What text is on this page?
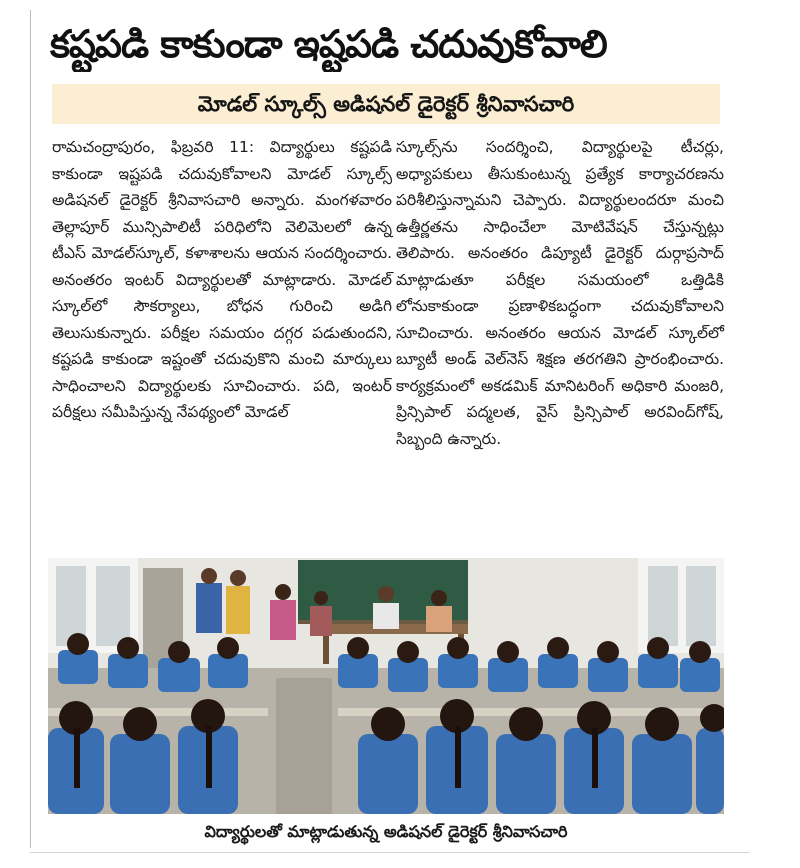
కష్టపడి కాకుండా ఇష్టపడి చదువుకోవాలి
మోడల్ స్కూల్స్ అడిషనల్ డైరెక్టర్ శ్రీనివాసచారి

రామచంద్రాపురం, ఫిబ్రవరి 11: విద్యార్థులు కష్టపడి కాకుండా ఇష్టపడి చదువుకోవాలని మోడల్ స్కూల్స్ అడిషనల్ డైరెక్టర్ శ్రీనివాసచారి అన్నారు. మంగళవారం తెల్లాపూర్ మున్సిపాలిటీ పరిధిలోని వెలిమెలలో ఉన్న టీఎస్ మోడల్‌స్కూల్, కళాశాలను ఆయన సందర్శించారు. అనంతరం ఇంటర్ విద్యార్థులతో మాట్లాడారు. మోడల్ స్కూల్‌లో సౌకర్యాలు, బోధన గురించి అడిగి తెలుసుకున్నారు. పరీక్షల సమయం దగ్గర పడుతుందని, కష్టపడి కాకుండా ఇష్టంతో చదువుకొని మంచి మార్కులు సాధించాలని విద్యార్థులకు సూచించారు. పది, ఇంటర్ పరీక్షలు సమీపిస్తున్న నేపథ్యంలో మోడల్

స్కూల్స్‌ను సందర్శించి, విద్యార్థులపై టీచర్లు, అధ్యాపకులు తీసుకుంటున్న ప్రత్యేక కార్యాచరణను పరిశీలిస్తున్నామని చెప్పారు. విద్యార్థులందరూ మంచి ఉత్తీర్ణతను సాధించేలా మోటివేషన్ చేస్తున్నట్లు తెలిపారు. అనంతరం డిప్యూటీ డైరెక్టర్ దుర్గాప్రసాద్ మాట్లాడుతూ పరీక్షల సమయంలో ఒత్తిడికి లోనుకాకుండా ప్రణాళికబద్ధంగా చదువుకోవాలని సూచించారు. అనంతరం ఆయన మోడల్ స్కూల్‌లో బ్యూటీ అండ్ వెల్‌నెస్ శిక్షణ తరగతిని ప్రారంభించారు. కార్యక్రమంలో అకడమిక్ మానిటరింగ్ అధికారి మంజరి, ప్రిన్సిపాల్ పద్మలత, వైస్ ప్రిన్సిపాల్ అరవింద్‌గోష్, సిబ్బంది ఉన్నారు.

విద్యార్థులతో మాట్లాడుతున్న అడిషనల్ డైరెక్టర్ శ్రీనివాసచారి
